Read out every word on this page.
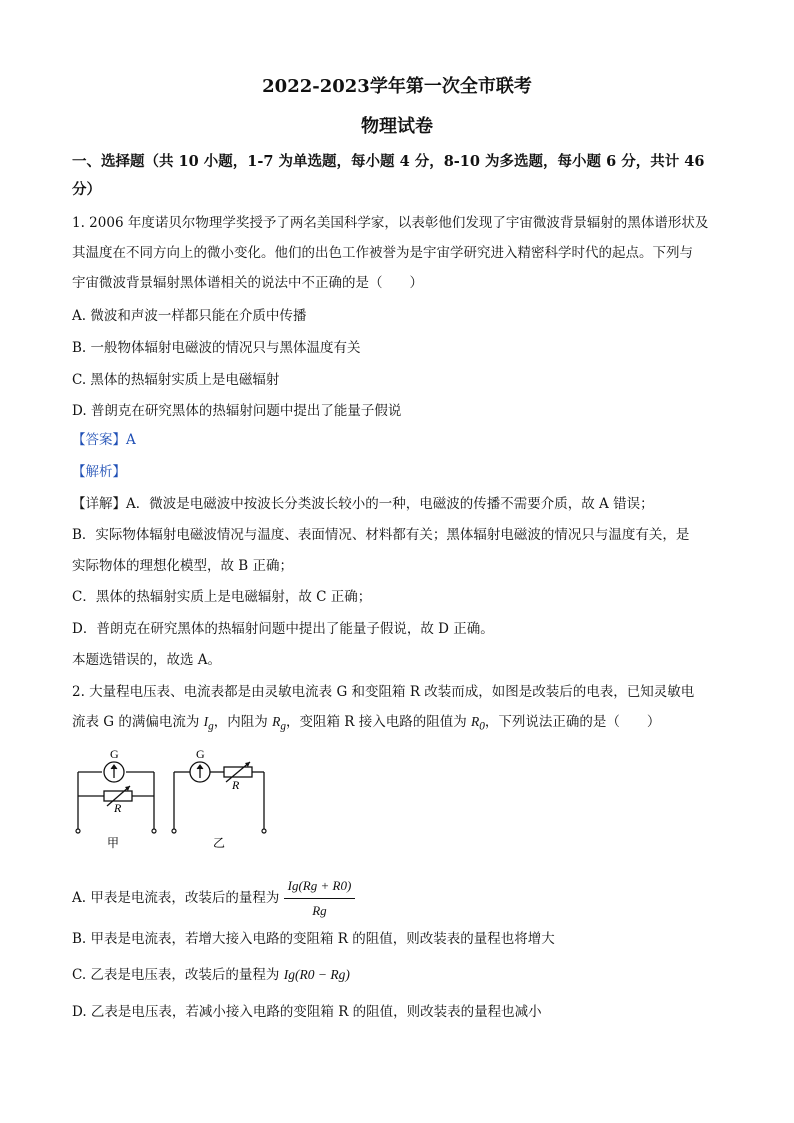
2022-2023学年第一次全市联考
物理试卷
一、选择题（共 10 小题，1-7 为单选题，每小题 4 分，8-10 为多选题，每小题 6 分，共计 46
分）
1. 2006 年度诺贝尔物理学奖授予了两名美国科学家，以表彰他们发现了宇宙微波背景辐射的黑体谱形状及
其温度在不同方向上的微小变化。他们的出色工作被誉为是宇宙学研究进入精密科学时代的起点。下列与
宇宙微波背景辐射黑体谱相关的说法中不正确的是（　　）
A. 微波和声波一样都只能在介质中传播
B. 一般物体辐射电磁波的情况只与黑体温度有关
C. 黑体的热辐射实质上是电磁辐射
D. 普朗克在研究黑体的热辐射问题中提出了能量子假说
【答案】A
【解析】
【详解】A．微波是电磁波中按波长分类波长较小的一种，电磁波的传播不需要介质，故 A 错误；
B．实际物体辐射电磁波情况与温度、表面情况、材料都有关；黑体辐射电磁波的情况只与温度有关，是
实际物体的理想化模型，故 B 正确；
C．黑体的热辐射实质上是电磁辐射，故 C 正确；
D．普朗克在研究黑体的热辐射问题中提出了能量子假说，故 D 正确。
本题选错误的，故选 A。
2. 大量程电压表、电流表都是由灵敏电流表 G 和变阻箱 R 改装而成，如图是改装后的电表，已知灵敏电
流表 G 的满偏电流为 $I_g$，内阻为 $R_g$，变阻箱 R 接入电路的阻值为 $R_0$，下列说法正确的是（　　）
G
R
甲
G
R
乙
A. 甲表是电流表，改装后的量程为 $\frac{Ig(Rg + R0)}{Rg}$
B. 甲表是电流表，若增大接入电路的变阻箱 R 的阻值，则改装表的量程也将增大
C. 乙表是电压表，改装后的量程为 Ig(R0 − Rg)
D. 乙表是电压表，若减小接入电路的变阻箱 R 的阻值，则改装表的量程也减小
